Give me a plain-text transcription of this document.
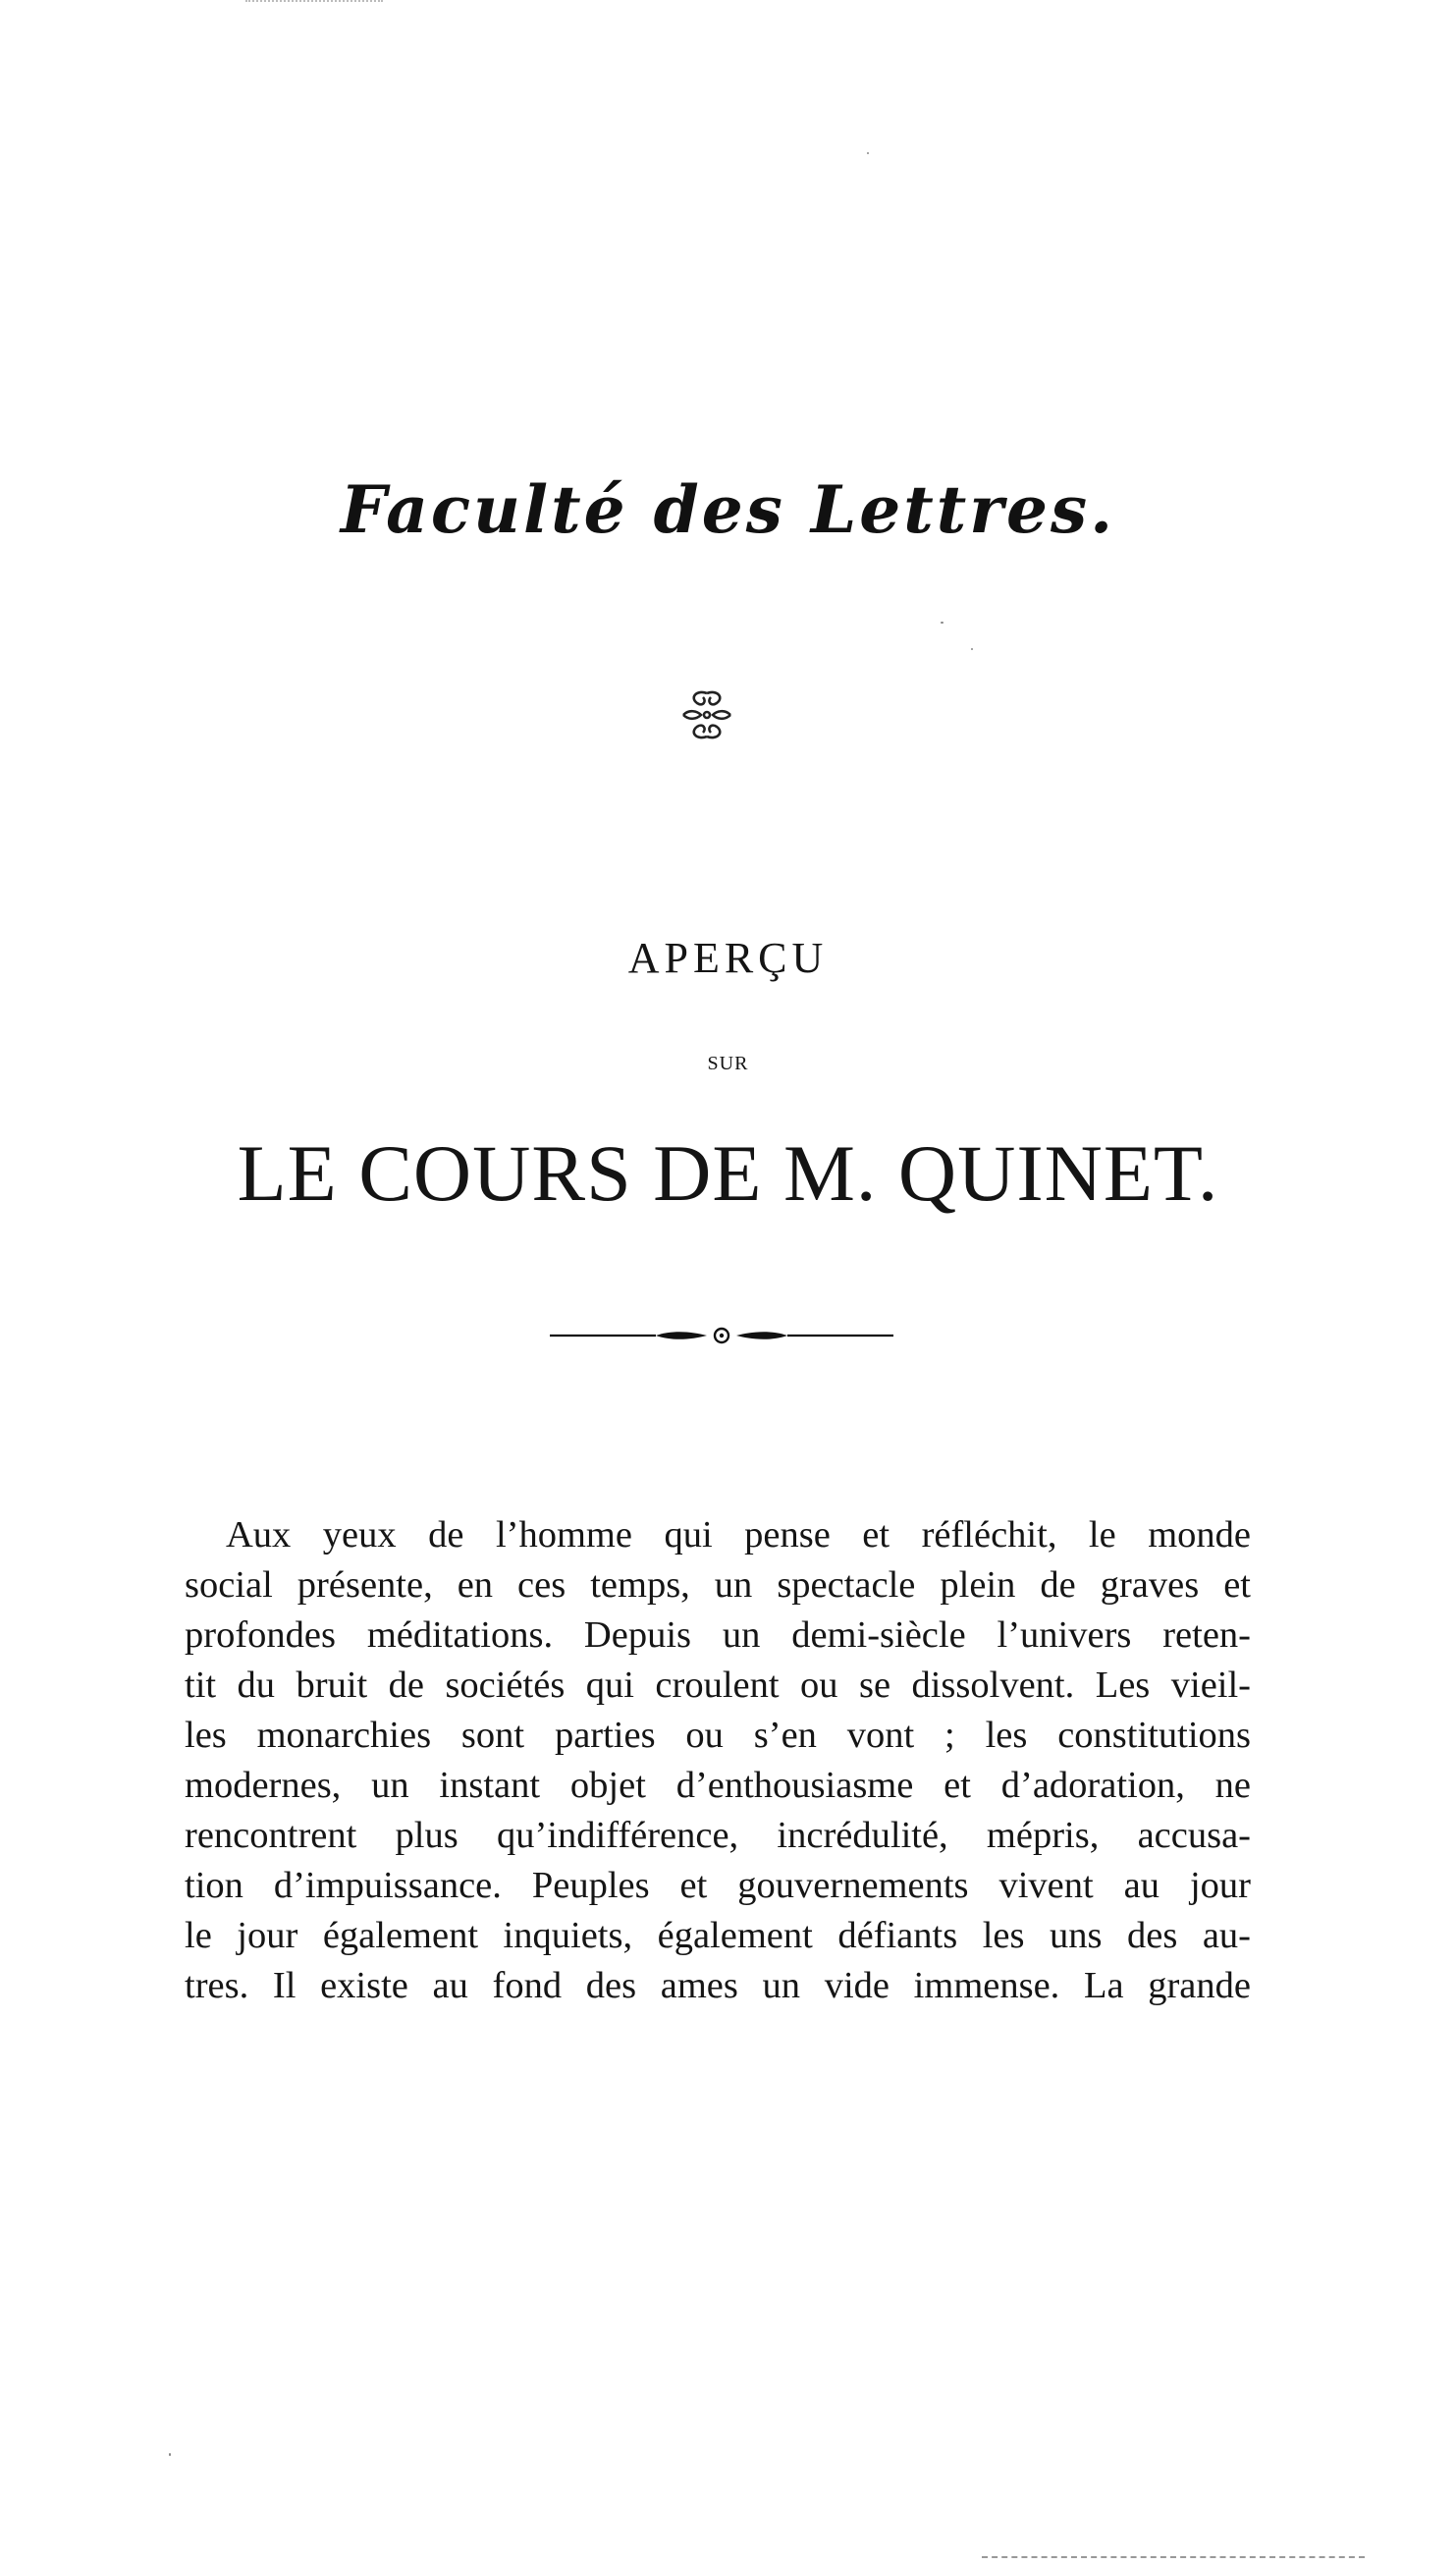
Faculté des Lettres.
APERÇU
SUR
LE COURS DE M. QUINET.
Aux yeux de l’homme qui pense et réfléchit, le monde
social présente, en ces temps, un spectacle plein de graves et
profondes méditations. Depuis un demi-siècle l’univers reten-
tit du bruit de sociétés qui croulent ou se dissolvent. Les vieil-
les monarchies sont parties ou s’en vont ; les constitutions
modernes, un instant objet d’enthousiasme et d’adoration, ne
rencontrent plus qu’indifférence, incrédulité, mépris, accusa-
tion d’impuissance. Peuples et gouvernements vivent au jour
le jour également inquiets, également défiants les uns des au-
tres. Il existe au fond des ames un vide immense. La grande
